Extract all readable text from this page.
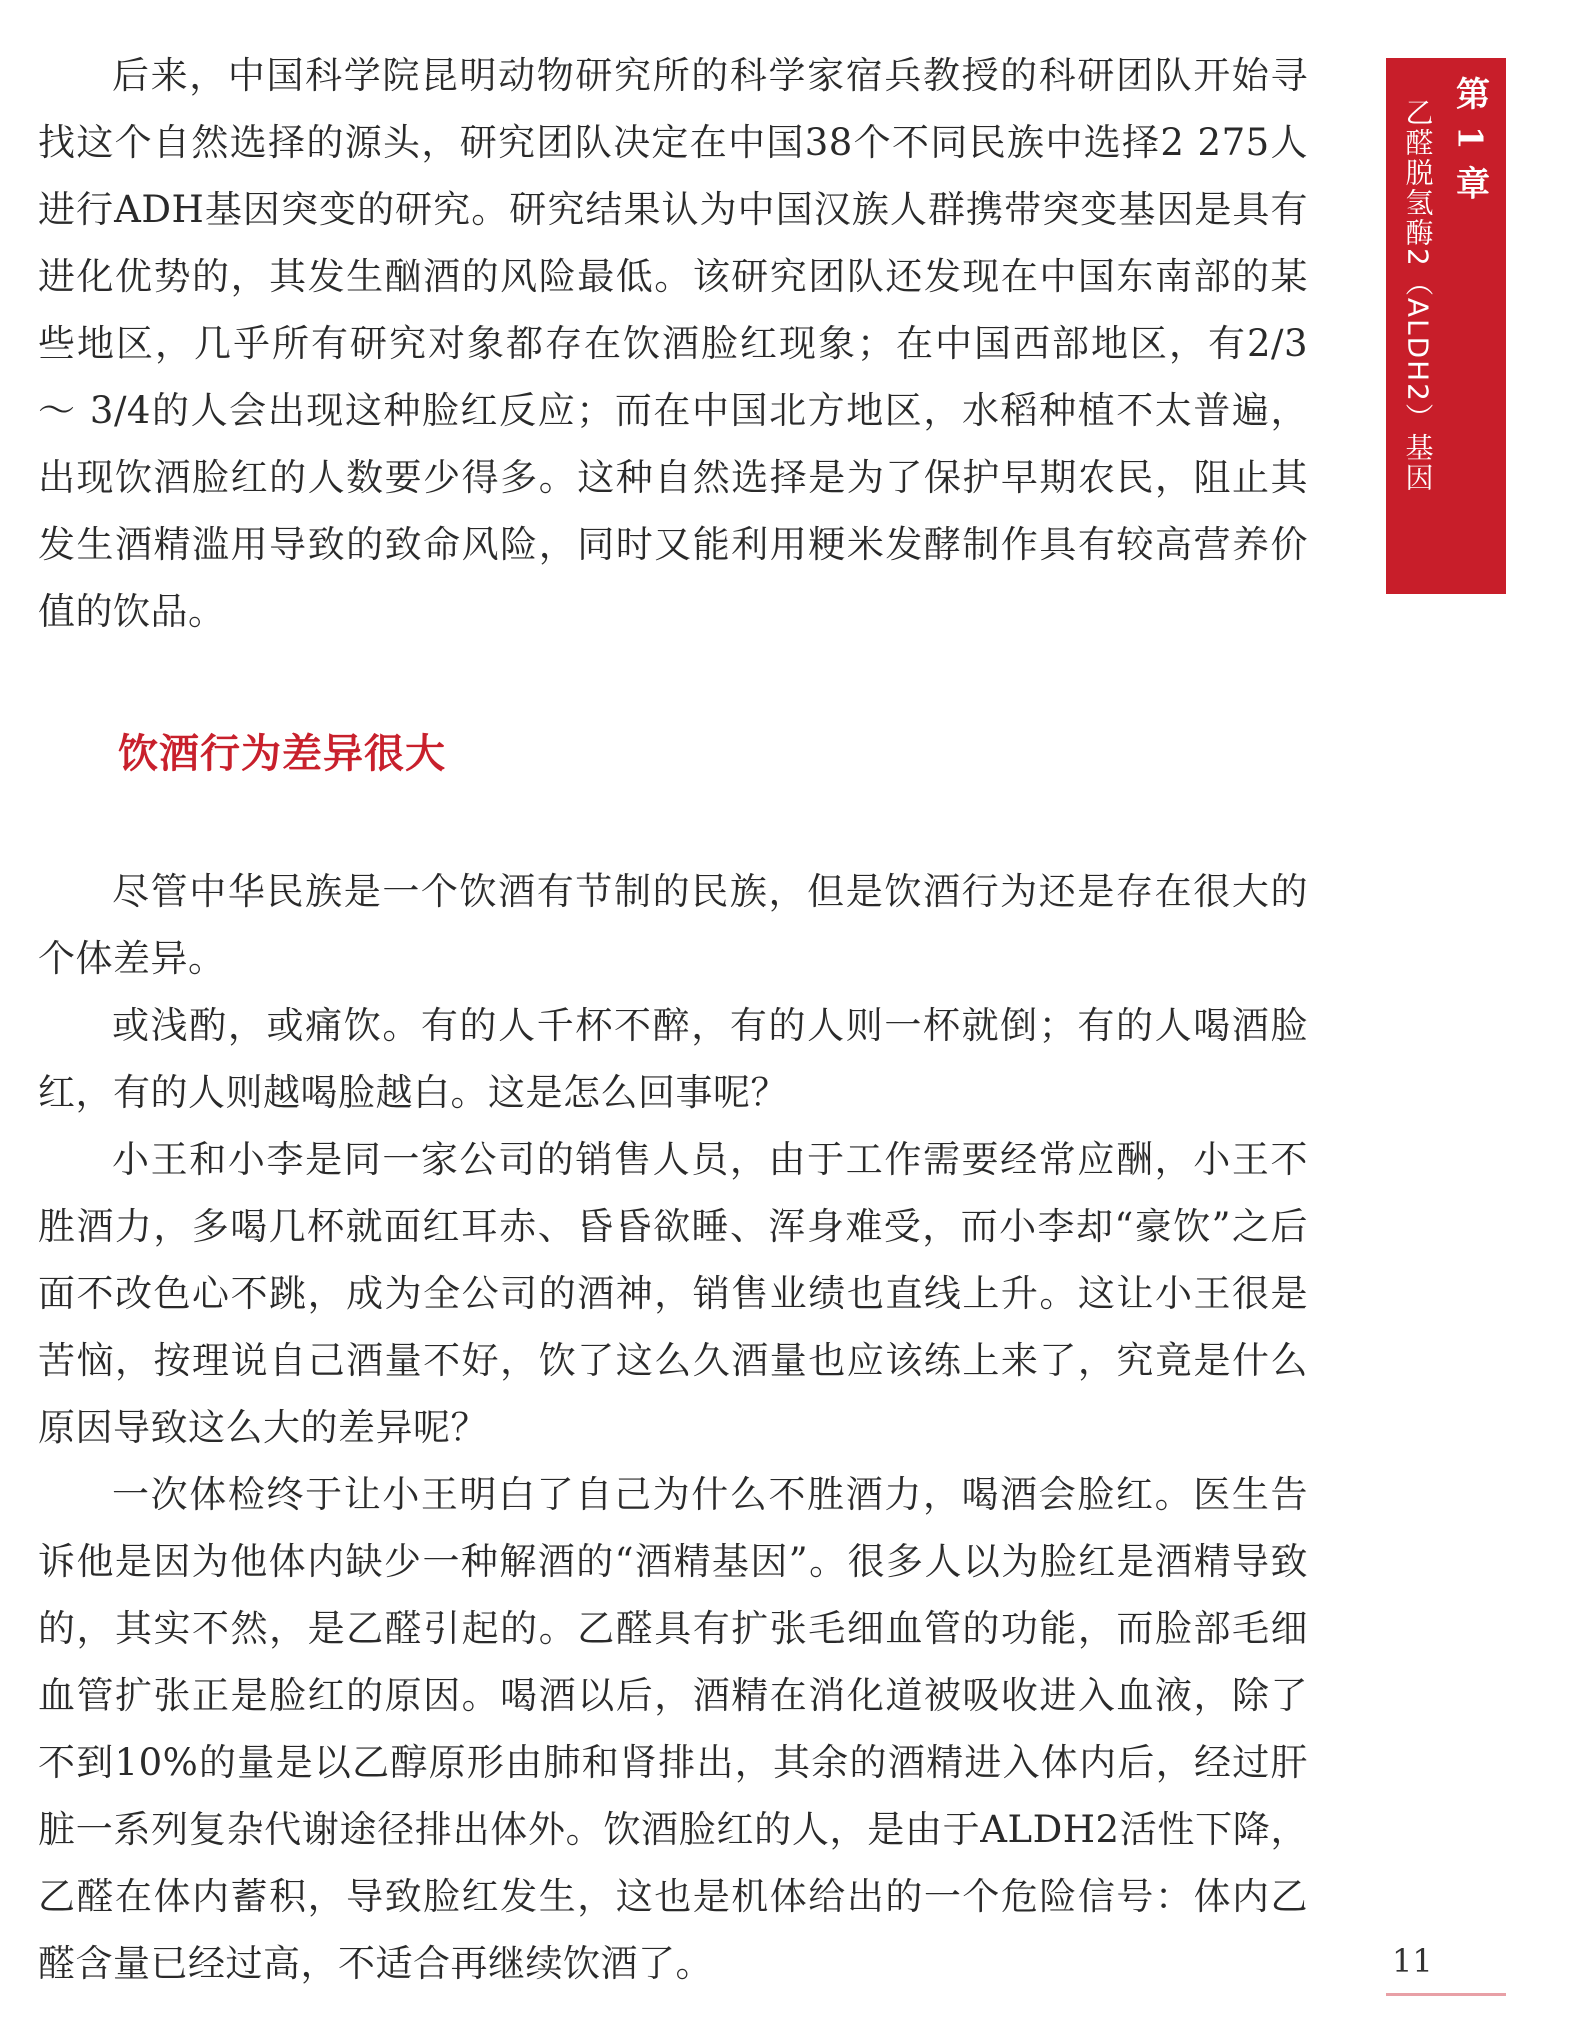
后来，中国科学院昆明动物研究所的科学家宿兵教授的科研团队开始寻找这个自然选择的源头，研究团队决定在中国38个不同民族中选择2 275人进行ADH基因突变的研究。研究结果认为中国汉族人群携带突变基因是具有进化优势的，其发生酗酒的风险最低。该研究团队还发现在中国东南部的某些地区，几乎所有研究对象都存在饮酒脸红现象；在中国西部地区，有2/3 ～ 3/4的人会出现这种脸红反应；而在中国北方地区，水稻种植不太普遍，出现饮酒脸红的人数要少得多。这种自然选择是为了保护早期农民，阻止其发生酒精滥用导致的致命风险，同时又能利用粳米发酵制作具有较高营养价值的饮品。

饮酒行为差异很大

尽管中华民族是一个饮酒有节制的民族，但是饮酒行为还是存在很大的个体差异。

或浅酌，或痛饮。有的人千杯不醉，有的人则一杯就倒；有的人喝酒脸红，有的人则越喝脸越白。这是怎么回事呢？

小王和小李是同一家公司的销售人员，由于工作需要经常应酬，小王不胜酒力，多喝几杯就面红耳赤、昏昏欲睡、浑身难受，而小李却“豪饮”之后面不改色心不跳，成为全公司的酒神，销售业绩也直线上升。这让小王很是苦恼，按理说自己酒量不好，饮了这么久酒量也应该练上来了，究竟是什么原因导致这么大的差异呢？

一次体检终于让小王明白了自己为什么不胜酒力，喝酒会脸红。医生告诉他是因为他体内缺少一种解酒的“酒精基因”。很多人以为脸红是酒精导致的，其实不然，是乙醛引起的。乙醛具有扩张毛细血管的功能，而脸部毛细血管扩张正是脸红的原因。喝酒以后，酒精在消化道被吸收进入血液，除了不到10%的量是以乙醇原形由肺和肾排出，其余的酒精进入体内后，经过肝脏一系列复杂代谢途径排出体外。饮酒脸红的人，是由于ALDH2活性下降，乙醛在体内蓄积，导致脸红发生，这也是机体给出的一个危险信号：体内乙醛含量已经过高，不适合再继续饮酒了。

第 1 章
乙醛脱氢酶2（ALDH2）基因
11
